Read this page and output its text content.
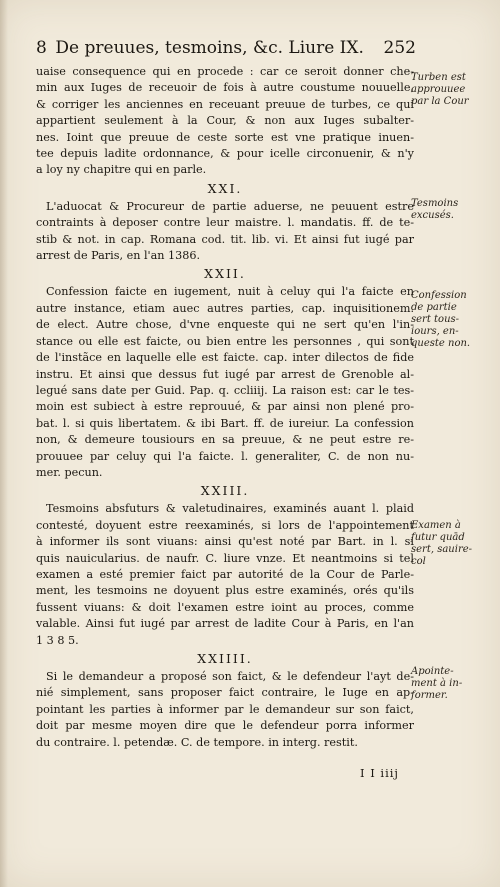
8 De preuues, tesmoins, &c. Liure IX. 252
uaise consequence qui en procede : car ce seroit donner che-
min aux Iuges de receuoir de fois à autre coustume nouuelle,
& corriger les anciennes en receuant preuue de turbes, ce qui
appartient seulement à la Cour, & non aux Iuges subalter-
nes. Ioint que preuue de ceste sorte est vne pratique inuen-
tee depuis ladite ordonnance, & pour icelle circonuenir, & n'y
a loy ny chapitre qui en parle.
XXI.
L'aduocat & Procureur de partie aduerse, ne peuuent estre
contraints à deposer contre leur maistre. l. mandatis. ff. de te-
stib & not. in cap. Romana cod. tit. lib. vi. Et ainsi fut iugé par
arrest de Paris, en l'an 1386.
XXII.
Confession faicte en iugement, nuit à celuy qui l'a faicte en
autre instance, etiam auec autres parties, cap. inquisitionem.
de elect. Autre chose, d'vne enqueste qui ne sert qu'en l'in-
stance ou elle est faicte, ou bien entre les personnes , qui sont
de l'instãce en laquelle elle est faicte. cap. inter dilectos de fide
instru. Et ainsi que dessus fut iugé par arrest de Grenoble al-
legué sans date per Guid. Pap. q. ccliiij. La raison est: car le tes-
moin est subiect à estre reprouué, & par ainsi non plené pro-
bat. l. si quis libertatem. & ibi Bart. ff. de iureiur. La confession
non, & demeure tousiours en sa preuue, & ne peut estre re-
prouuee par celuy qui l'a faicte. l. generaliter, C. de non nu-
mer. pecun.
XXIII.
Tesmoins absfuturs & valetudinaires, examinés auant l. plaid
contesté, doyuent estre reexaminés, si lors de l'appointement
à informer ils sont viuans: ainsi qu'est noté par Bart. in l. si
quis nauicularius. de naufr. C. liure vnze. Et neantmoins si tel
examen a esté premier faict par autorité de la Cour de Parle-
ment, les tesmoins ne doyuent plus estre examinés, orés qu'ils
fussent viuans: & doit l'examen estre ioint au proces, comme
valable. Ainsi fut iugé par arrest de ladite Cour à Paris, en l'an
1 3 8 5.
XXIIII.
Si le demandeur a proposé son faict, & le defendeur l'ayt de-
nié simplement, sans proposer faict contraire, le Iuge en ap-
pointant les parties à informer par le demandeur sur son faict,
doit par mesme moyen dire que le defendeur porra informer
du contraire. l. petendæ. C. de tempore. in interg. restit.
Turben est
approuuee
par la Cour
Tesmoins
excusés.
Confession
de partie
sert tous-
iours, en-
queste non.
Examen à
futur quād
sert, sauire-
col
Apointe-
ment à in-
former.
I I iiij
